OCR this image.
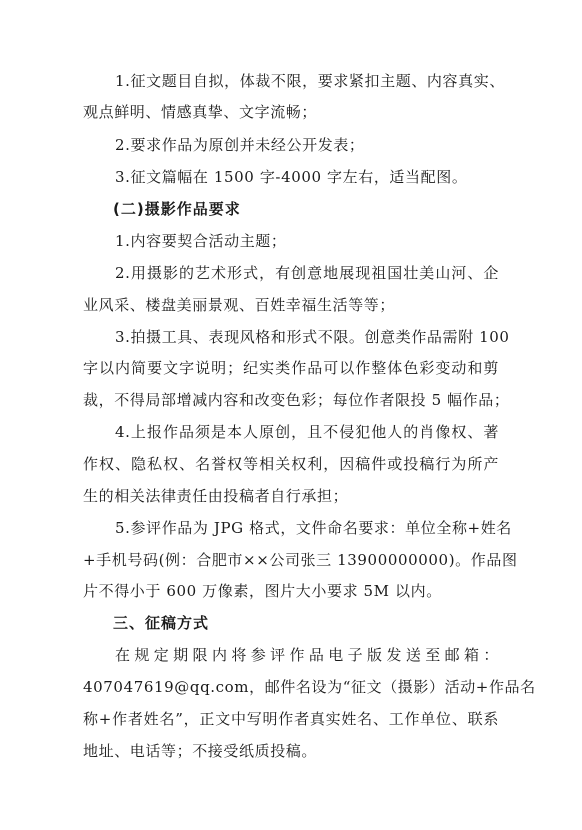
1.征文题目自拟，体裁不限，要求紧扣主题、内容真实、
观点鲜明、情感真挚、文字流畅；
2.要求作品为原创并未经公开发表；
3.征文篇幅在 1500 字-4000 字左右，适当配图。
(二)摄影作品要求
1.内容要契合活动主题；
2.用摄影的艺术形式，有创意地展现祖国壮美山河、企
业风采、楼盘美丽景观、百姓幸福生活等等；
3.拍摄工具、表现风格和形式不限。创意类作品需附 100
字以内简要文字说明；纪实类作品可以作整体色彩变动和剪
裁，不得局部增减内容和改变色彩；每位作者限投 5 幅作品；
4.上报作品须是本人原创，且不侵犯他人的肖像权、著
作权、隐私权、名誉权等相关权利，因稿件或投稿行为所产
生的相关法律责任由投稿者自行承担；
5.参评作品为 JPG 格式，文件命名要求：单位全称+姓名
+手机号码(例：合肥市××公司张三 13900000000)。作品图
片不得小于 600 万像素，图片大小要求 5M 以内。
三、征稿方式
在规定期限内将参评作品电子版发送至邮箱：
407047619@qq.com，邮件名设为“征文（摄影）活动+作品名
称+作者姓名”，正文中写明作者真实姓名、工作单位、联系
地址、电话等；不接受纸质投稿。
